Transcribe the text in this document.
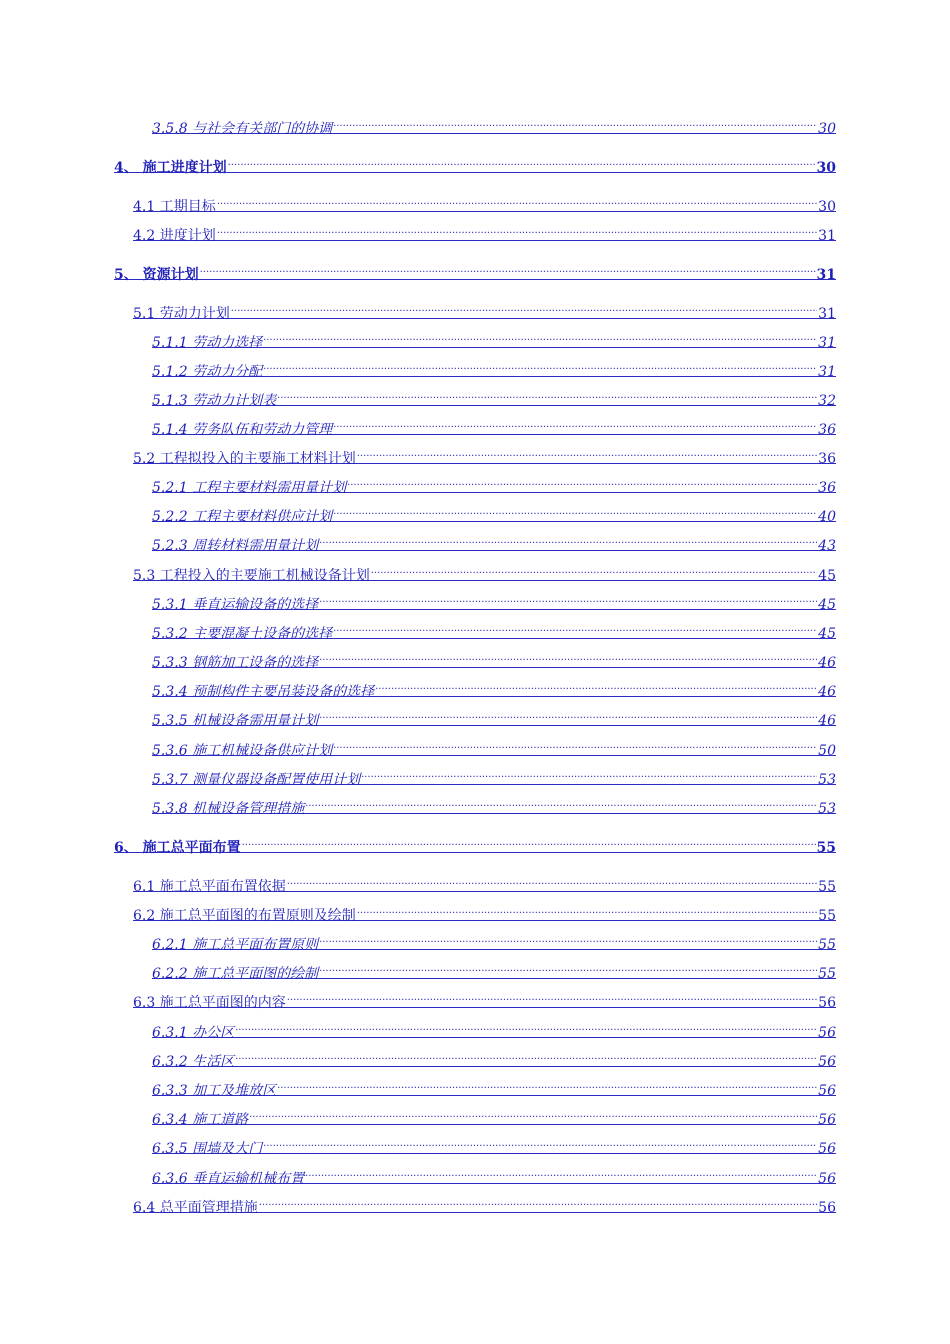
3.5.8 与社会有关部门的协调 .....	30
4、 施工进度计划 .....	30
4.1 工期目标 .....	30
4.2 进度计划 .....	31
5、 资源计划 .....	31
5.1 劳动力计划 .....	31
5.1.1 劳动力选择 .....	31
5.1.2 劳动力分配 .....	31
5.1.3 劳动力计划表 .....	32
5.1.4 劳务队伍和劳动力管理 .....	36
5.2 工程拟投入的主要施工材料计划 .....	36
5.2.1 工程主要材料需用量计划 .....	36
5.2.2 工程主要材料供应计划 .....	40
5.2.3 周转材料需用量计划 .....	43
5.3 工程投入的主要施工机械设备计划 .....	45
5.3.1 垂直运输设备的选择 .....	45
5.3.2 主要混凝土设备的选择 .....	45
5.3.3 钢筋加工设备的选择 .....	46
5.3.4 预制构件主要吊装设备的选择 .....	46
5.3.5 机械设备需用量计划 .....	46
5.3.6 施工机械设备供应计划 .....	50
5.3.7 测量仪器设备配置使用计划 .....	53
5.3.8 机械设备管理措施 .....	53
6、 施工总平面布置 .....	55
6.1 施工总平面布置依据 .....	55
6.2 施工总平面图的布置原则及绘制 .....	55
6.2.1 施工总平面布置原则 .....	55
6.2.2 施工总平面图的绘制 .....	55
6.3 施工总平面图的内容 .....	56
6.3.1 办公区 .....	56
6.3.2 生活区 .....	56
6.3.3 加工及堆放区 .....	56
6.3.4 施工道路 .....	56
6.3.5 围墙及大门 .....	56
6.3.6 垂直运输机械布置 .....	56
6.4 总平面管理措施 .....	56
